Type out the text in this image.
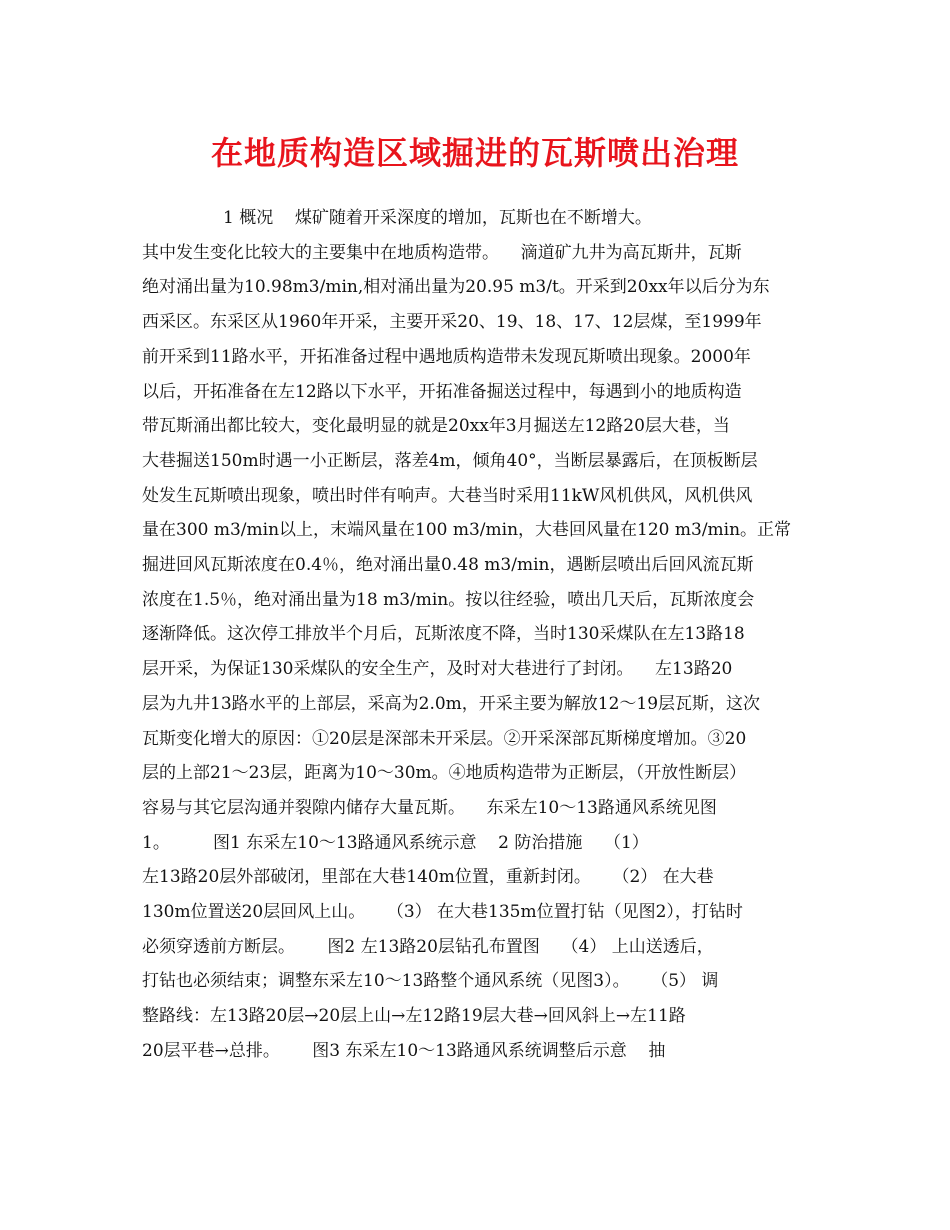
在地质构造区域掘进的瓦斯喷出治理
1 概况    煤矿随着开采深度的增加，瓦斯也在不断增大。
其中发生变化比较大的主要集中在地质构造带。    滴道矿九井为高瓦斯井，瓦斯
绝对涌出量为10.98m3/min,相对涌出量为20.95 m3/t。开采到20xx年以后分为东
西采区。东采区从1960年开采，主要开采20、19、18、17、12层煤，至1999年
前开采到11路水平，开拓准备过程中遇地质构造带未发现瓦斯喷出现象。2000年
以后，开拓准备在左12路以下水平，开拓准备掘送过程中，每遇到小的地质构造
带瓦斯涌出都比较大，变化最明显的就是20xx年3月掘送左12路20层大巷，当
大巷掘送150m时遇一小正断层，落差4m，倾角40°，当断层暴露后，在顶板断层
处发生瓦斯喷出现象，喷出时伴有响声。大巷当时采用11kW风机供风，风机供风
量在300 m3/min以上，末端风量在100 m3/min，大巷回风量在120 m3/min。正常
掘进回风瓦斯浓度在0.4％，绝对涌出量0.48 m3/min，遇断层喷出后回风流瓦斯
浓度在1.5％，绝对涌出量为18 m3/min。按以往经验，喷出几天后，瓦斯浓度会
逐渐降低。这次停工排放半个月后，瓦斯浓度不降，当时130采煤队在左13路18
层开采，为保证130采煤队的安全生产，及时对大巷进行了封闭。    左13路20
层为九井13路水平的上部层，采高为2.0m，开采主要为解放12～19层瓦斯，这次
瓦斯变化增大的原因：①20层是深部未开采层。②开采深部瓦斯梯度增加。③20
层的上部21～23层，距离为10～30m。④地质构造带为正断层，（开放性断层）
容易与其它层沟通并裂隙内储存大量瓦斯。    东采左10～13路通风系统见图
1。        图1 东采左10～13路通风系统示意    2 防治措施    （1）
左13路20层外部破闭，里部在大巷140m位置，重新封闭。    （2） 在大巷
130m位置送20层回风上山。    （3） 在大巷135m位置打钻（见图2），打钻时
必须穿透前方断层。      图2 左13路20层钻孔布置图    （4） 上山送透后，
打钻也必须结束；调整东采左10～13路整个通风系统（见图3）。    （5） 调
整路线：左13路20层→20层上山→左12路19层大巷→回风斜上→左11路
20层平巷→总排。      图3 东采左10～13路通风系统调整后示意    抽
